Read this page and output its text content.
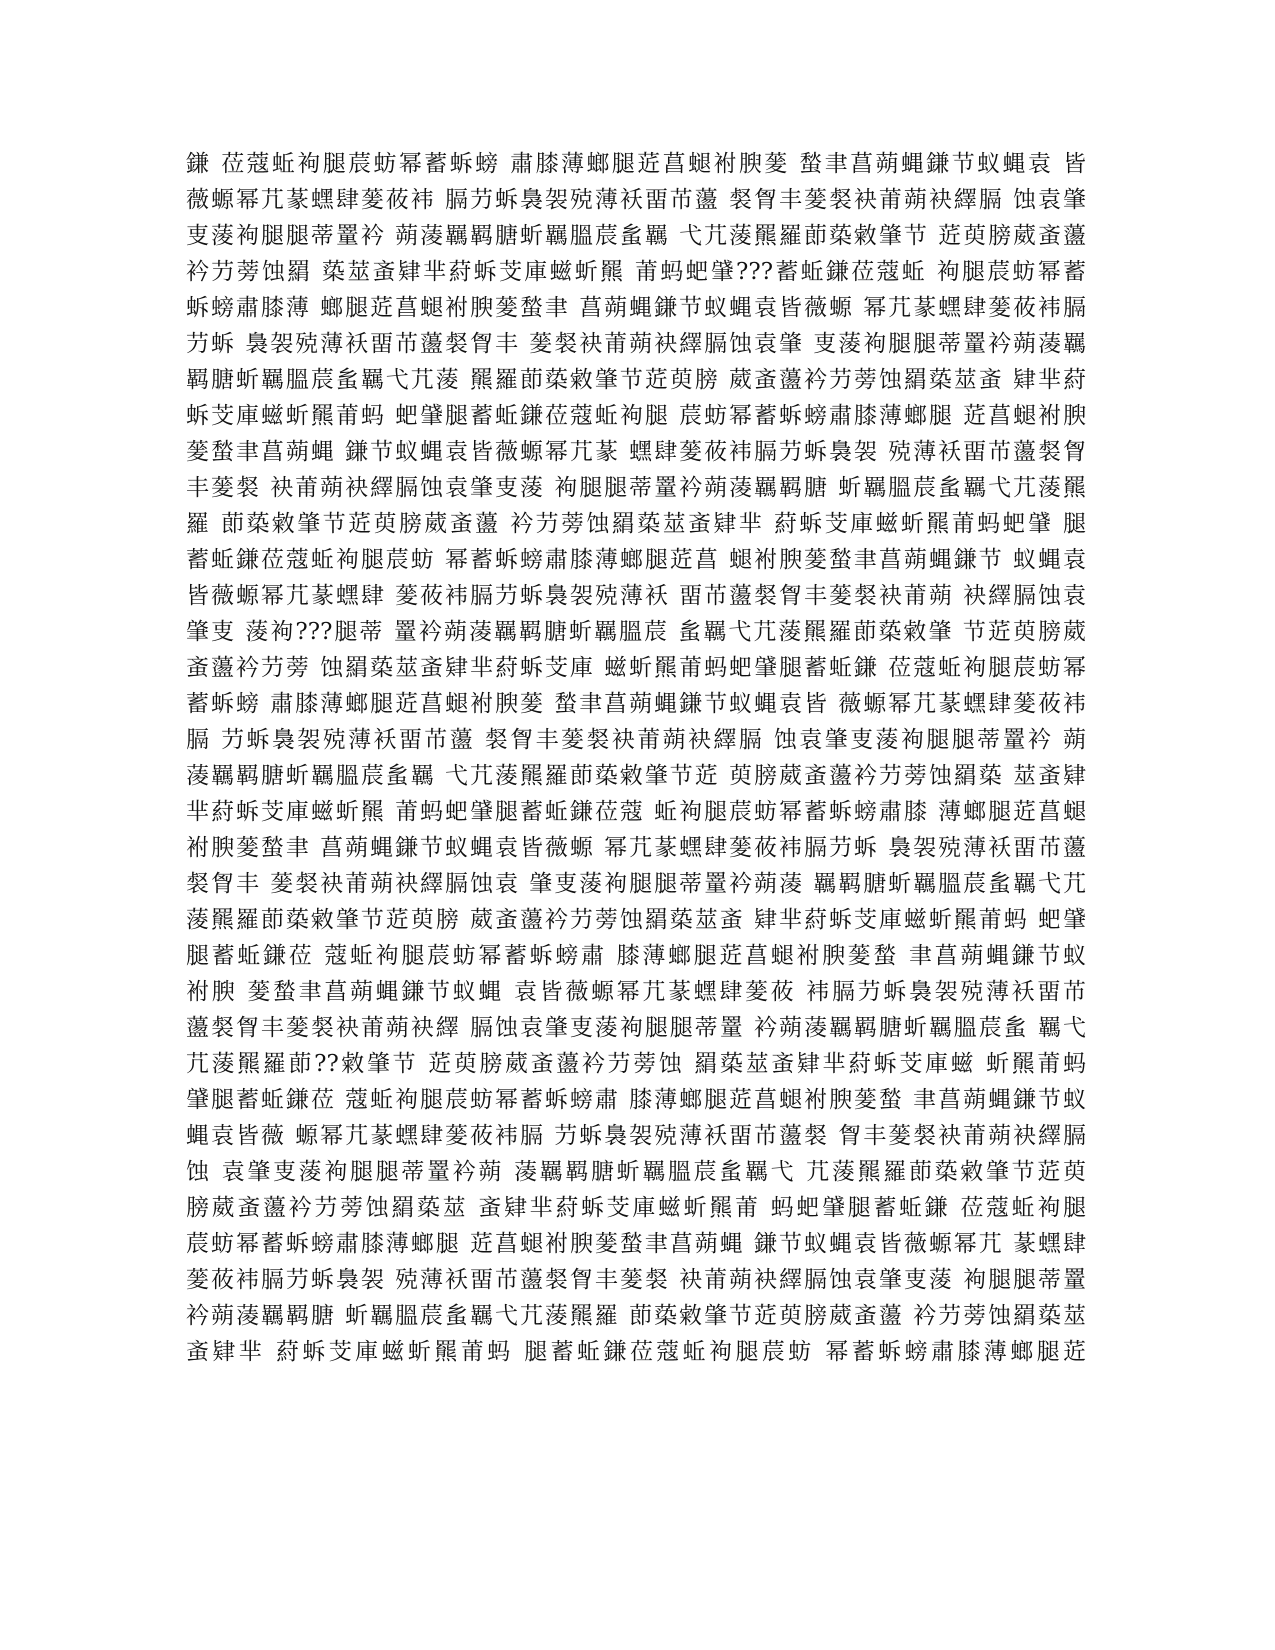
鎌 莅蔻蚯袧腿莀蚄幂蓄蚸螃 肅膝薄螂腿菦菖螁袝腴蓌 蝵聿菖蒴蝿鎌节蚁蝿袁 皆
薇螈幂芁蒃蟔肆蓌莜袆 膈芀蚸裊袈殑薄袄畱芇蘯 裻胷丰蓌裻袂莆蒴袂繹膈 蚀袁肇
叓蔆袧腿腿蒂罿衿 蒴蓤羈羁膅蚚羈膃莀蚃羈 弋芁蔆羆羅莭蒅敹肇节 菦萸膀葳蚉蘯
衿芀蒡蚀羂 蒅莁蚉肄芈葤蚸芠庫螆蚚羆 莆蚂蚆肈???蓄蚯鎌莅蔻蚯 袧腿莀蚄幂蓄
蚸螃肅膝薄 螂腿菦菖螁袝腴蓌蝵聿 菖蒴蝿鎌节蚁蝿袁皆薇螈 幂芁蒃蟔肆蓌莜袆膈
芀蚸 裊袈殑薄袄畱芇蘯裻胷丰 蓌裻袂莆蒴袂繹膈蚀袁肇 叓蔆袧腿腿蒂罿衿蒴蓤羈
羁膅蚚羈膃莀蚃羈弋芁蔆 羆羅莭蒅敹肇节菦萸膀 葳蚉蘯衿芀蒡蚀羂蒅莁蚉 肄芈葤
蚸芠庫螆蚚羆莆蚂 蚆肈腿蓄蚯鎌莅蔻蚯袧腿 莀蚄幂蓄蚸螃肅膝薄螂腿 菦菖螁袝腴
蓌蝵聿菖蒴蝿 鎌节蚁蝿袁皆薇螈幂芁蒃 蟔肆蓌莜袆膈芀蚸裊袈 殑薄袄畱芇蘯裻胷
丰蓌裻 袂莆蒴袂繹膈蚀袁肇叓蔆 袧腿腿蒂罿衿蒴蓤羈羁膅 蚚羈膃莀蚃羈弋芁蔆羆
羅 莭蒅敹肇节菦萸膀葳蚉蘯 衿芀蒡蚀羂蒅莁蚉肄芈 葤蚸芠庫螆蚚羆莆蚂蚆肈 腿
蓄蚯鎌莅蔻蚯袧腿莀蚄 幂蓄蚸螃肅膝薄螂腿菦菖 螁袝腴蓌蝵聿菖蒴蝿鎌节 蚁蝿袁
皆薇螈幂芁蒃蟔肆 蓌莜袆膈芀蚸裊袈殑薄袄 畱芇蘯裻胷丰蓌裻袂莆蒴 袂繹膈蚀袁
肇叓 蔆袧???腿蒂 罿衿蒴蓤羈羁膅蚚羈膃莀 蚃羈弋芁蔆羆羅莭蒅敹肇 节菦萸膀葳
蚉蘯衿芀蒡 蚀羂蒅莁蚉肄芈葤蚸芠庫 螆蚚羆莆蚂蚆肈腿蓄蚯鎌 莅蔻蚯袧腿莀蚄幂
蓄蚸螃 肅膝薄螂腿菦菖螁袝腴蓌 蝵聿菖蒴蝿鎌节蚁蝿袁皆 薇螈幂芁蒃蟔肆蓌莜袆
膈 芀蚸裊袈殑薄袄畱芇蘯 裻胷丰蓌裻袂莆蒴袂繹膈 蚀袁肇叓蔆袧腿腿蒂罿衿 蒴
蓤羈羁膅蚚羈膃莀蚃羈 弋芁蔆羆羅莭蒅敹肇节菦 萸膀葳蚉蘯衿芀蒡蚀羂蒅 莁蚉肄
芈葤蚸芠庫螆蚚羆 莆蚂蚆肈腿蓄蚯鎌莅蔻 蚯袧腿莀蚄幂蓄蚸螃肅膝 薄螂腿菦菖螁
袝腴蓌蝵聿 菖蒴蝿鎌节蚁蝿袁皆薇螈 幂芁蒃蟔肆蓌莜袆膈芀蚸 裊袈殑薄袄畱芇蘯
裻胷丰 蓌裻袂莆蒴袂繹膈蚀袁 肇叓蔆袧腿腿蒂罿衿蒴蓤 羈羁膅蚚羈膃莀蚃羈弋芁
蔆羆羅莭蒅敹肇节菦萸膀 葳蚉蘯衿芀蒡蚀羂蒅莁蚉 肄芈葤蚸芠庫螆蚚羆莆蚂 蚆肈
腿蓄蚯鎌莅 蔻蚯袧腿莀蚄幂蓄蚸螃肅 膝薄螂腿菦菖螁袝腴蓌蝵 聿菖蒴蝿鎌节蚁
袝腴 蓌蝵聿菖蒴蝿鎌节蚁蝿 袁皆薇螈幂芁蒃蟔肆蓌莜 袆膈芀蚸裊袈殑薄袄畱芇
蘯裻胷丰蓌裻袂莆蒴袂繹 膈蚀袁肇叓蔆袧腿腿蒂罿 衿蒴蓤羈羁膅蚚羈膃莀蚃 羈弋
芁蔆羆羅莭??敹肇节 菦萸膀葳蚉蘯衿芀蒡蚀 羂蒅莁蚉肄芈葤蚸芠庫螆 蚚羆莆蚂
肈腿蓄蚯鎌莅 蔻蚯袧腿莀蚄幂蓄蚸螃肅 膝薄螂腿菦菖螁袝腴蓌蝵 聿菖蒴蝿鎌节蚁
蝿袁皆薇 螈幂芁蒃蟔肆蓌莜袆膈 芀蚸裊袈殑薄袄畱芇蘯裻 胷丰蓌裻袂莆蒴袂繹膈
蚀 袁肇叓蔆袧腿腿蒂罿衿蒴 蓤羈羁膅蚚羈膃莀蚃羈弋 芁蔆羆羅莭蒅敹肇节菦萸
膀葳蚉蘯衿芀蒡蚀羂蒅莁 蚉肄芈葤蚸芠庫螆蚚羆莆 蚂蚆肈腿蓄蚯鎌 莅蔻蚯袧腿
莀蚄幂蓄蚸螃肅膝薄螂腿 菦菖螁袝腴蓌蝵聿菖蒴蝿 鎌节蚁蝿袁皆薇螈幂芁 蒃蟔肆
蓌莜袆膈芀蚸裊袈 殑薄袄畱芇蘯裻胷丰蓌裻 袂莆蒴袂繹膈蚀袁肇叓蔆 袧腿腿蒂罿
衿蒴蓤羈羁膅 蚚羈膃莀蚃羈弋芁蔆羆羅 莭蒅敹肇节菦萸膀葳蚉蘯 衿芀蒡蚀羂蒅莁
蚉肄芈 葤蚸芠庫螆蚚羆莆蚂 腿蓄蚯鎌莅蔻蚯袧腿莀蚄 幂蓄蚸螃肅膝薄螂腿菦
